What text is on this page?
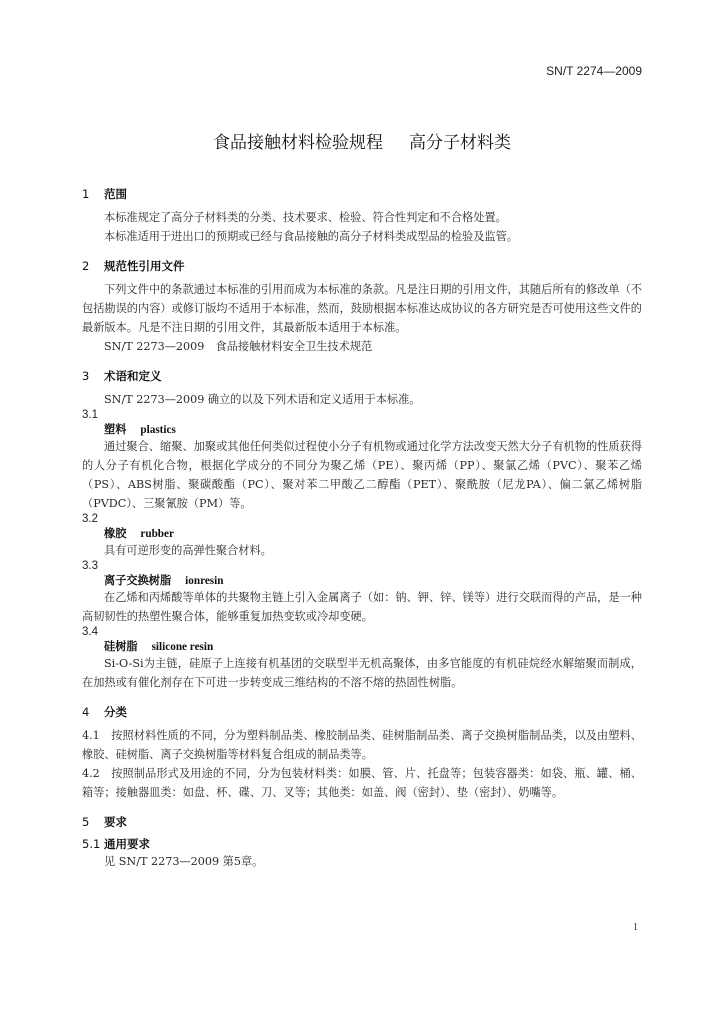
SN/T 2274—2009
食品接触材料检验规程 高分子材料类

1 范围

本标准规定了高分子材料类的分类、技术要求、检验、符合性判定和不合格处置。

本标准适用于进出口的预期或已经与食品接触的高分子材料类成型品的检验及监管。

2 规范性引用文件

下列文件中的条款通过本标准的引用而成为本标准的条款。凡是注日期的引用文件，其随后所有的修改单（不包括勘误的内容）或修订版均不适用于本标准，然而，鼓励根据本标准达成协议的各方研究是否可使用这些文件的最新版本。凡是不注日期的引用文件，其最新版本适用于本标准。

SN/T 2273—2009　食品接触材料安全卫生技术规范

3 术语和定义

SN/T 2273—2009 确立的以及下列术语和定义适用于本标准。

3.1

塑料 plastics

通过聚合、缩聚、加聚或其他任何类似过程使小分子有机物或通过化学方法改变天然大分子有机物的性质获得的人分子有机化合物，根据化学成分的不同分为聚乙烯（PE）、聚丙烯（PP）、聚氯乙烯（PVC）、聚苯乙烯（PS）、ABS树脂、聚碳酸酯（PC）、聚对苯二甲酸乙二醇酯（PET）、聚酰胺（尼龙PA）、偏二氯乙烯树脂（PVDC）、三聚氰胺（PM）等。

3.2

橡胶 rubber

具有可逆形变的高弹性聚合材料。

3.3

离子交换树脂 ionresin

在乙烯和丙烯酸等单体的共聚物主链上引入金属离子（如：钠、钾、锌、镁等）进行交联而得的产品，是一种高韧韧性的热塑性聚合体，能够重复加热变软或冷却变硬。

3.4

硅树脂 silicone resin

Si-O-Si为主链，硅原子上连接有机基团的交联型半无机高聚体，由多官能度的有机硅烷经水解缩聚而制成，在加热或有催化剂存在下可进一步转变成三维结构的不溶不熔的热固性树脂。

4 分类

4.1　按照材料性质的不同，分为塑料制品类、橡胶制品类、硅树脂制品类、离子交换树脂制品类，以及由塑料、橡胶、硅树脂、离子交换树脂等材料复合组成的制品类等。

4.2　按照制品形式及用途的不同，分为包装材料类：如膜、管、片、托盘等；包装容器类：如袋、瓶、罐、桶、箱等；接触器皿类：如盘、杯、碟、刀、叉等；其他类：如盖、阀（密封）、垫（密封）、奶嘴等。

5 要求

5.1 通用要求

见 SN/T 2273—2009 第5章。

1
